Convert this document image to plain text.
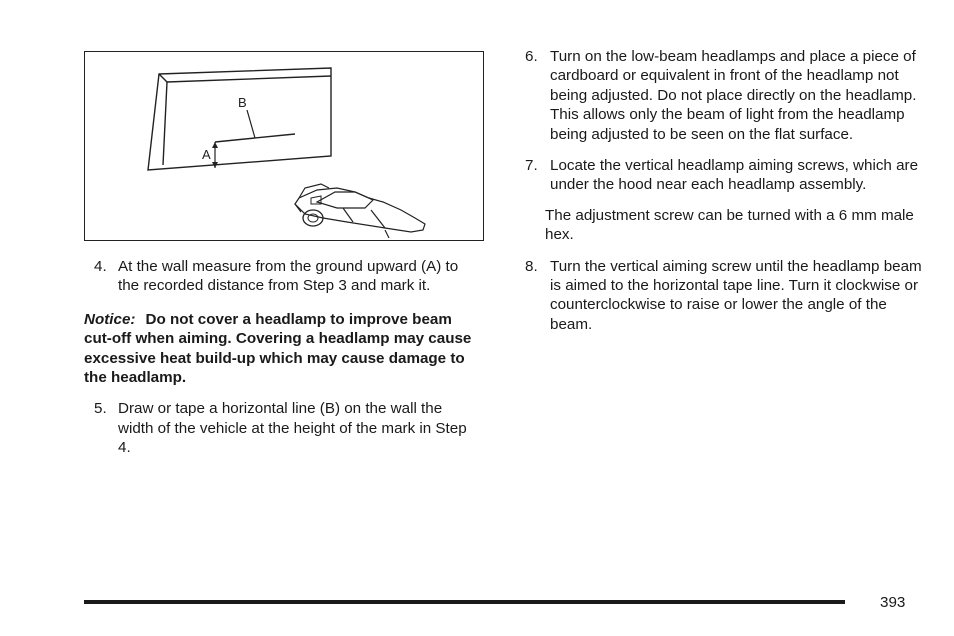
B
A

4. At the wall measure from the ground upward (A) to the recorded distance from Step 3 and mark it.

Notice: Do not cover a headlamp to improve beam cut-off when aiming. Covering a headlamp may cause excessive heat build-up which may cause damage to the headlamp.

5. Draw or tape a horizontal line (B) on the wall the width of the vehicle at the height of the mark in Step 4.

6. Turn on the low-beam headlamps and place a piece of cardboard or equivalent in front of the headlamp not being adjusted. Do not place directly on the headlamp. This allows only the beam of light from the headlamp being adjusted to be seen on the flat surface.

7. Locate the vertical headlamp aiming screws, which are under the hood near each headlamp assembly.

The adjustment screw can be turned with a 6 mm male hex.

8. Turn the vertical aiming screw until the headlamp beam is aimed to the horizontal tape line. Turn it clockwise or counterclockwise to raise or lower the angle of the beam.

393
